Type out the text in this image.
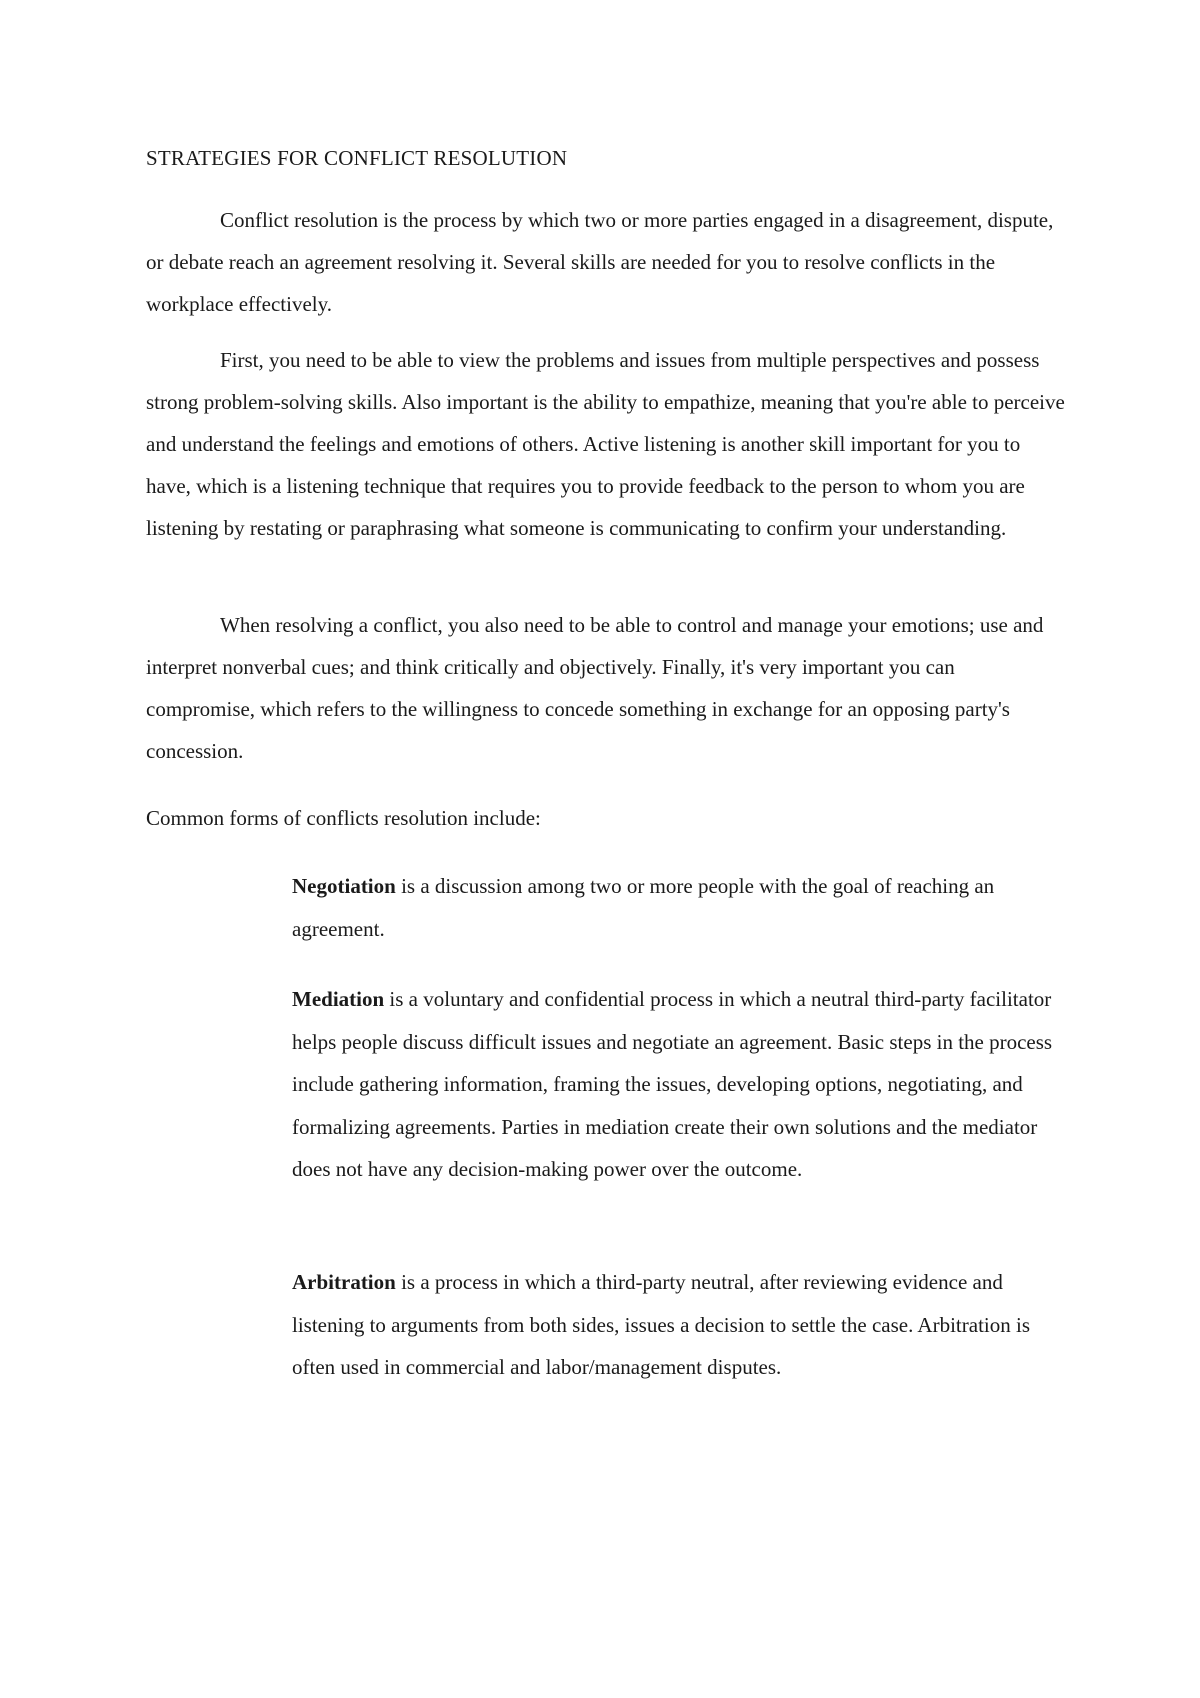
STRATEGIES FOR CONFLICT RESOLUTION

Conflict resolution is the process by which two or more parties engaged in a disagreement, dispute, or debate reach an agreement resolving it. Several skills are needed for you to resolve conflicts in the workplace effectively.

First, you need to be able to view the problems and issues from multiple perspectives and possess strong problem-solving skills. Also important is the ability to empathize, meaning that you're able to perceive and understand the feelings and emotions of others. Active listening is another skill important for you to have, which is a listening technique that requires you to provide feedback to the person to whom you are listening by restating or paraphrasing what someone is communicating to confirm your understanding.

When resolving a conflict, you also need to be able to control and manage your emotions; use and interpret nonverbal cues; and think critically and objectively. Finally, it's very important you can compromise, which refers to the willingness to concede something in exchange for an opposing party's concession.

Common forms of conflicts resolution include:

Negotiation is a discussion among two or more people with the goal of reaching an agreement.

Mediation is a voluntary and confidential process in which a neutral third-party facilitator helps people discuss difficult issues and negotiate an agreement. Basic steps in the process include gathering information, framing the issues, developing options, negotiating, and formalizing agreements. Parties in mediation create their own solutions and the mediator does not have any decision-making power over the outcome.

Arbitration is a process in which a third-party neutral, after reviewing evidence and listening to arguments from both sides, issues a decision to settle the case. Arbitration is often used in commercial and labor/management disputes.
